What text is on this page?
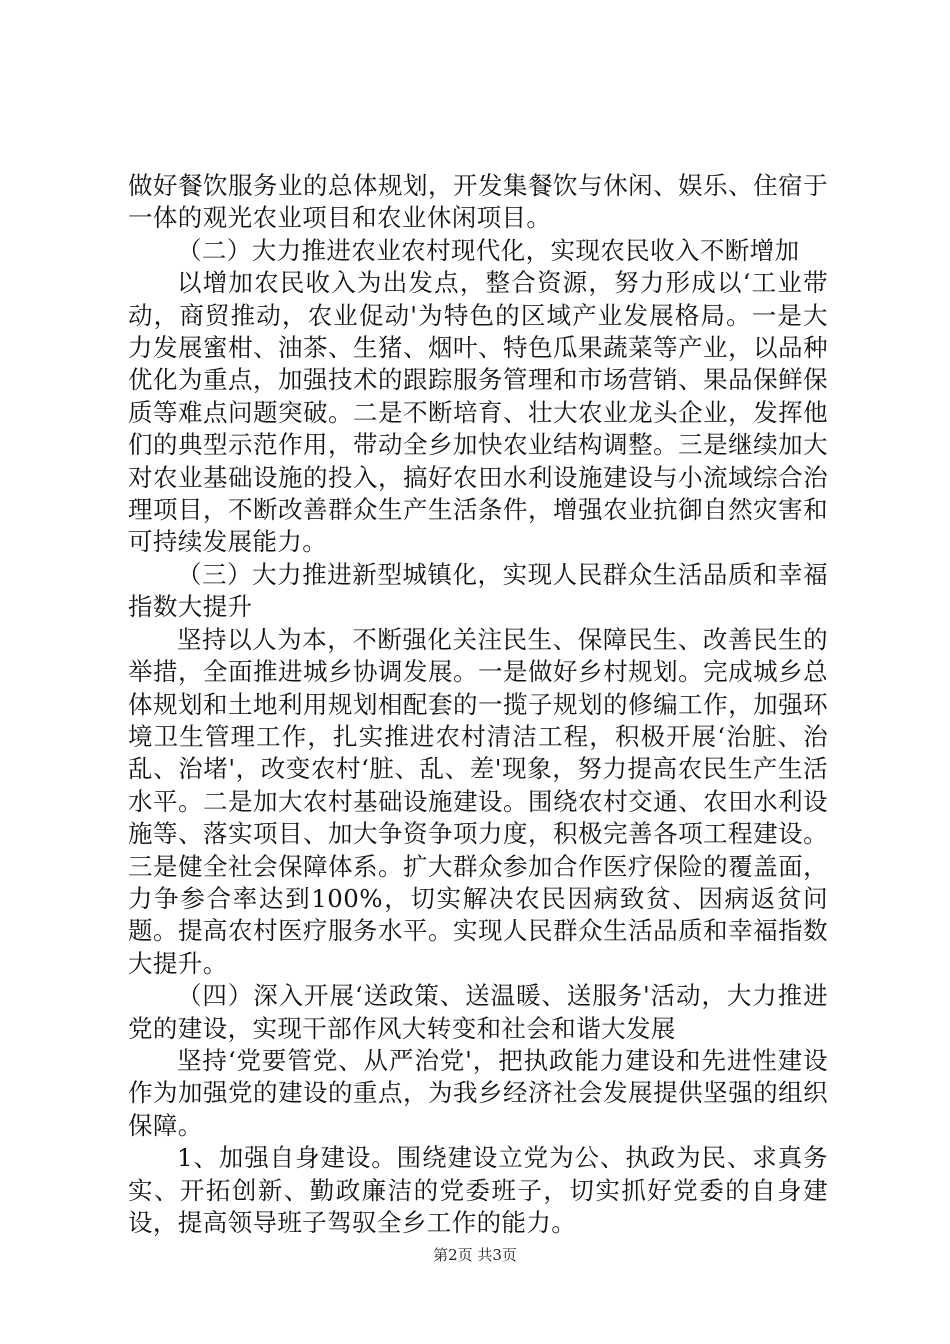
做好餐饮服务业的总体规划，开发集餐饮与休闲、娱乐、住宿于一体的观光农业项目和农业休闲项目。

（二）大力推进农业农村现代化，实现农民收入不断增加

以增加农民收入为出发点，整合资源，努力形成以‘工业带动，商贸推动，农业促动'为特色的区域产业发展格局。一是大力发展蜜柑、油茶、生猪、烟叶、特色瓜果蔬菜等产业，以品种优化为重点，加强技术的跟踪服务管理和市场营销、果品保鲜保质等难点问题突破。二是不断培育、壮大农业龙头企业，发挥他们的典型示范作用，带动全乡加快农业结构调整。三是继续加大对农业基础设施的投入，搞好农田水利设施建设与小流域综合治理项目，不断改善群众生产生活条件，增强农业抗御自然灾害和可持续发展能力。

（三）大力推进新型城镇化，实现人民群众生活品质和幸福指数大提升

坚持以人为本，不断强化关注民生、保障民生、改善民生的举措，全面推进城乡协调发展。一是做好乡村规划。完成城乡总体规划和土地利用规划相配套的一揽子规划的修编工作，加强环境卫生管理工作，扎实推进农村清洁工程，积极开展‘治脏、治乱、治堵'，改变农村‘脏、乱、差'现象，努力提高农民生产生活水平。二是加大农村基础设施建设。围绕农村交通、农田水利设施等、落实项目、加大争资争项力度，积极完善各项工程建设。三是健全社会保障体系。扩大群众参加合作医疗保险的覆盖面，力争参合率达到100%，切实解决农民因病致贫、因病返贫问题。提高农村医疗服务水平。实现人民群众生活品质和幸福指数大提升。

（四）深入开展‘送政策、送温暖、送服务'活动，大力推进党的建设，实现干部作风大转变和社会和谐大发展

坚持‘党要管党、从严治党'，把执政能力建设和先进性建设作为加强党的建设的重点，为我乡经济社会发展提供坚强的组织保障。

1、加强自身建设。围绕建设立党为公、执政为民、求真务实、开拓创新、勤政廉洁的党委班子，切实抓好党委的自身建设，提高领导班子驾驭全乡工作的能力。

第2页 共3页
